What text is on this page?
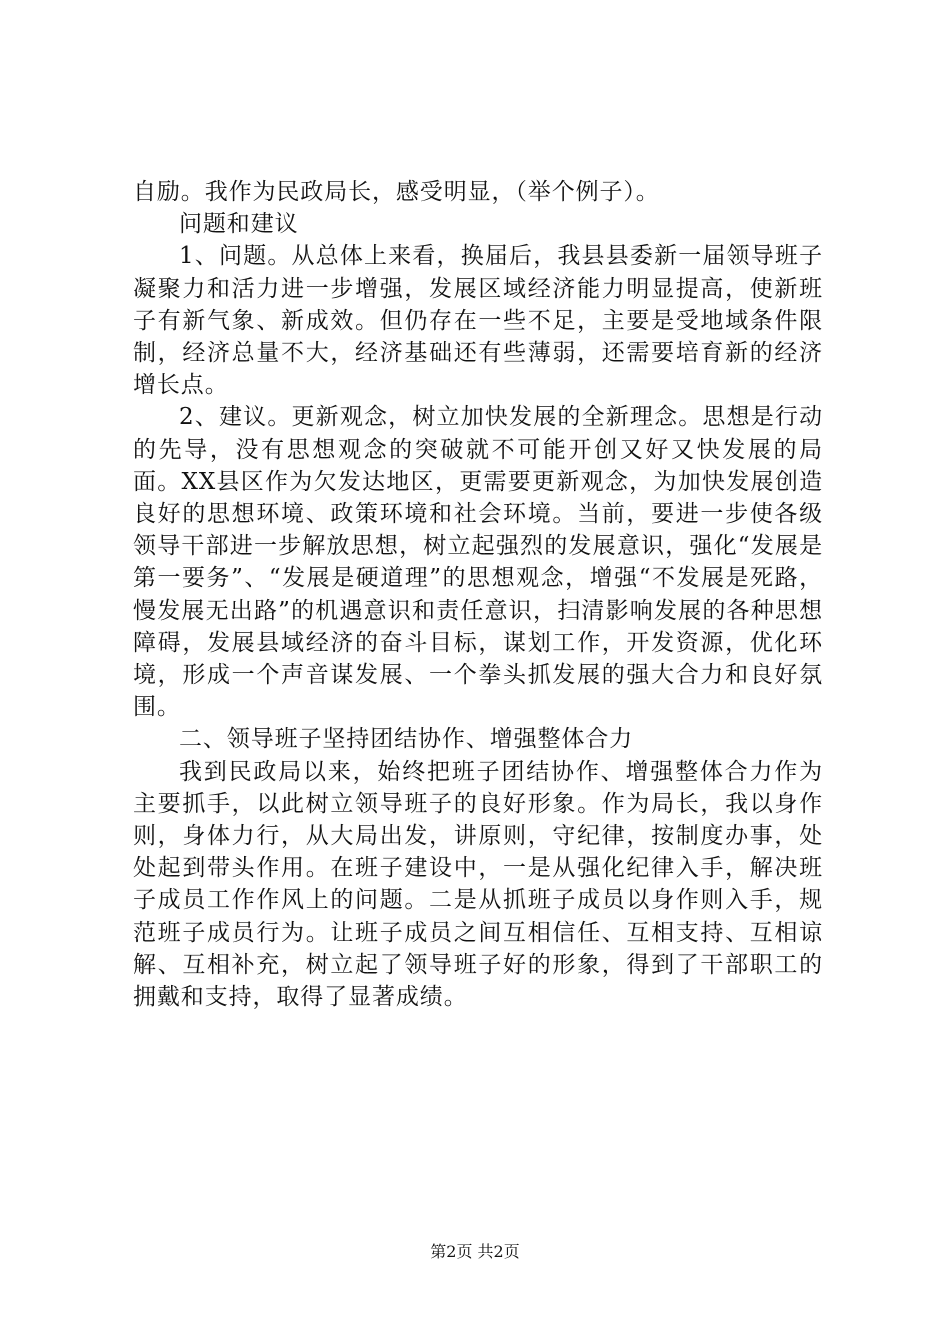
自励。我作为民政局长，感受明显，（举个例子）。

问题和建议

1、问题。从总体上来看，换届后，我县县委新一届领导班子凝聚力和活力进一步增强，发展区域经济能力明显提高，使新班子有新气象、新成效。但仍存在一些不足，主要是受地域条件限制，经济总量不大，经济基础还有些薄弱，还需要培育新的经济增长点。

2、建议。更新观念，树立加快发展的全新理念。思想是行动的先导，没有思想观念的突破就不可能开创又好又快发展的局面。XX县区作为欠发达地区，更需要更新观念，为加快发展创造良好的思想环境、政策环境和社会环境。当前，要进一步使各级领导干部进一步解放思想，树立起强烈的发展意识，强化“发展是第一要务”、“发展是硬道理”的思想观念，增强“不发展是死路，慢发展无出路”的机遇意识和责任意识，扫清影响发展的各种思想障碍，发展县域经济的奋斗目标，谋划工作，开发资源，优化环境，形成一个声音谋发展、一个拳头抓发展的强大合力和良好氛围。

二、领导班子坚持团结协作、增强整体合力

我到民政局以来，始终把班子团结协作、增强整体合力作为主要抓手，以此树立领导班子的良好形象。作为局长，我以身作则，身体力行，从大局出发，讲原则，守纪律，按制度办事，处处起到带头作用。在班子建设中，一是从强化纪律入手，解决班子成员工作作风上的问题。二是从抓班子成员以身作则入手，规范班子成员行为。让班子成员之间互相信任、互相支持、互相谅解、互相补充，树立起了领导班子好的形象，得到了干部职工的拥戴和支持，取得了显著成绩。

第2页 共2页
